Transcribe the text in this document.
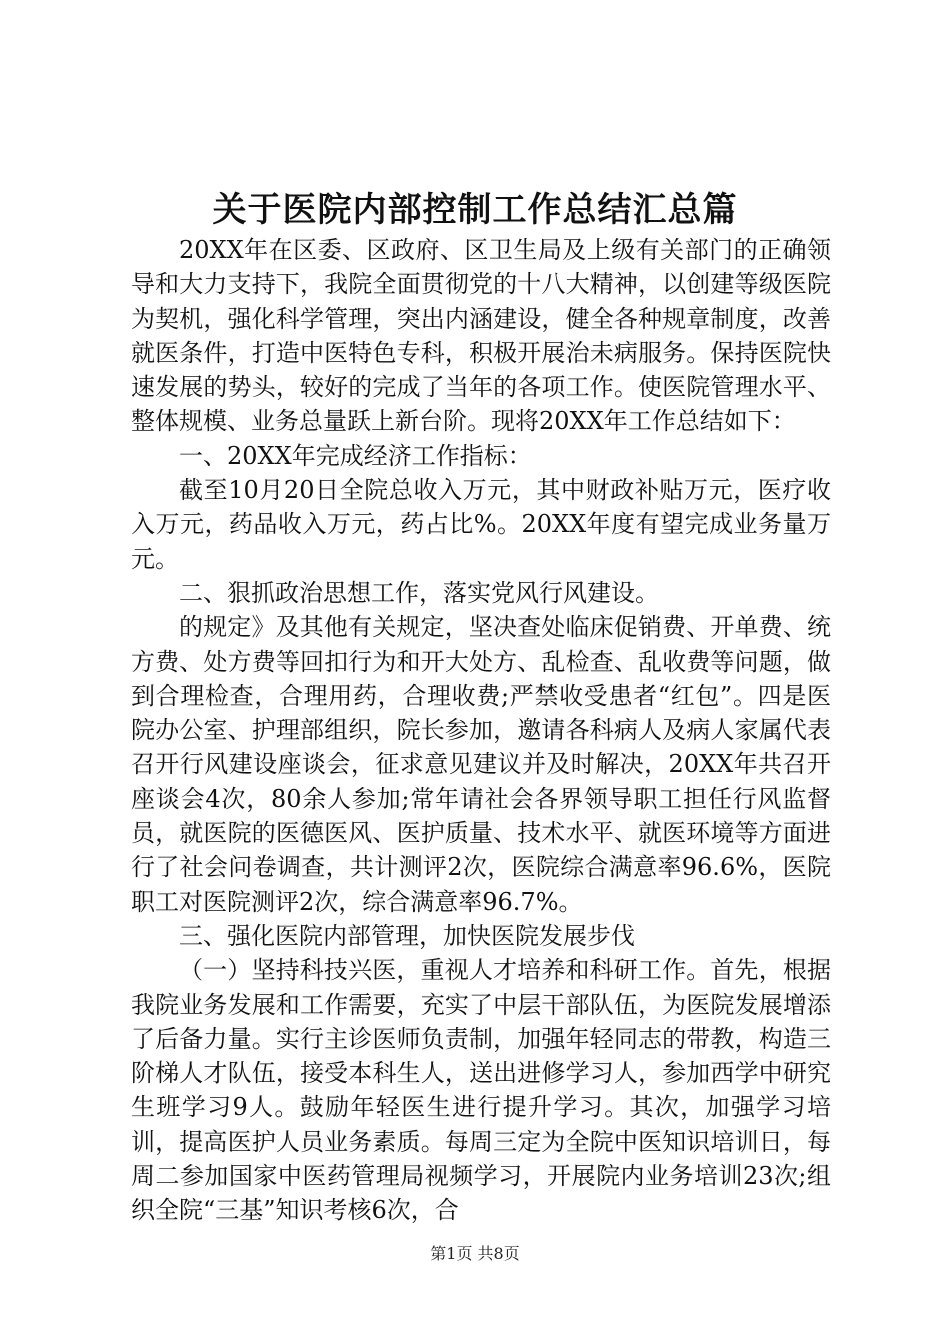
关于医院内部控制工作总结汇总篇

20XX年在区委、区政府、区卫生局及上级有关部门的正确领导和大力支持下，我院全面贯彻党的十八大精神，以创建等级医院为契机，强化科学管理，突出内涵建设，健全各种规章制度，改善就医条件，打造中医特色专科，积极开展治未病服务。保持医院快速发展的势头，较好的完成了当年的各项工作。使医院管理水平、整体规模、业务总量跃上新台阶。现将20XX年工作总结如下：

一、20XX年完成经济工作指标：

截至10月20日全院总收入万元，其中财政补贴万元，医疗收入万元，药品收入万元，药占比%。20XX年度有望完成业务量万元。

二、狠抓政治思想工作，落实党风行风建设。

的规定》及其他有关规定，坚决查处临床促销费、开单费、统方费、处方费等回扣行为和开大处方、乱检查、乱收费等问题，做到合理检查，合理用药，合理收费;严禁收受患者“红包”。四是医院办公室、护理部组织，院长参加，邀请各科病人及病人家属代表召开行风建设座谈会，征求意见建议并及时解决，20XX年共召开座谈会4次，80余人参加;常年请社会各界领导职工担任行风监督员，就医院的医德医风、医护质量、技术水平、就医环境等方面进行了社会问卷调查，共计测评2次，医院综合满意率96.6%，医院职工对医院测评2次，综合满意率96.7%。

三、强化医院内部管理，加快医院发展步伐

（一）坚持科技兴医，重视人才培养和科研工作。首先，根据我院业务发展和工作需要，充实了中层干部队伍，为医院发展增添了后备力量。实行主诊医师负责制，加强年轻同志的带教，构造三阶梯人才队伍，接受本科生人，送出进修学习人，参加西学中研究生班学习9人。鼓励年轻医生进行提升学习。其次，加强学习培训，提高医护人员业务素质。每周三定为全院中医知识培训日，每周二参加国家中医药管理局视频学习，开展院内业务培训23次;组织全院“三基”知识考核6次，合

第1页 共8页
